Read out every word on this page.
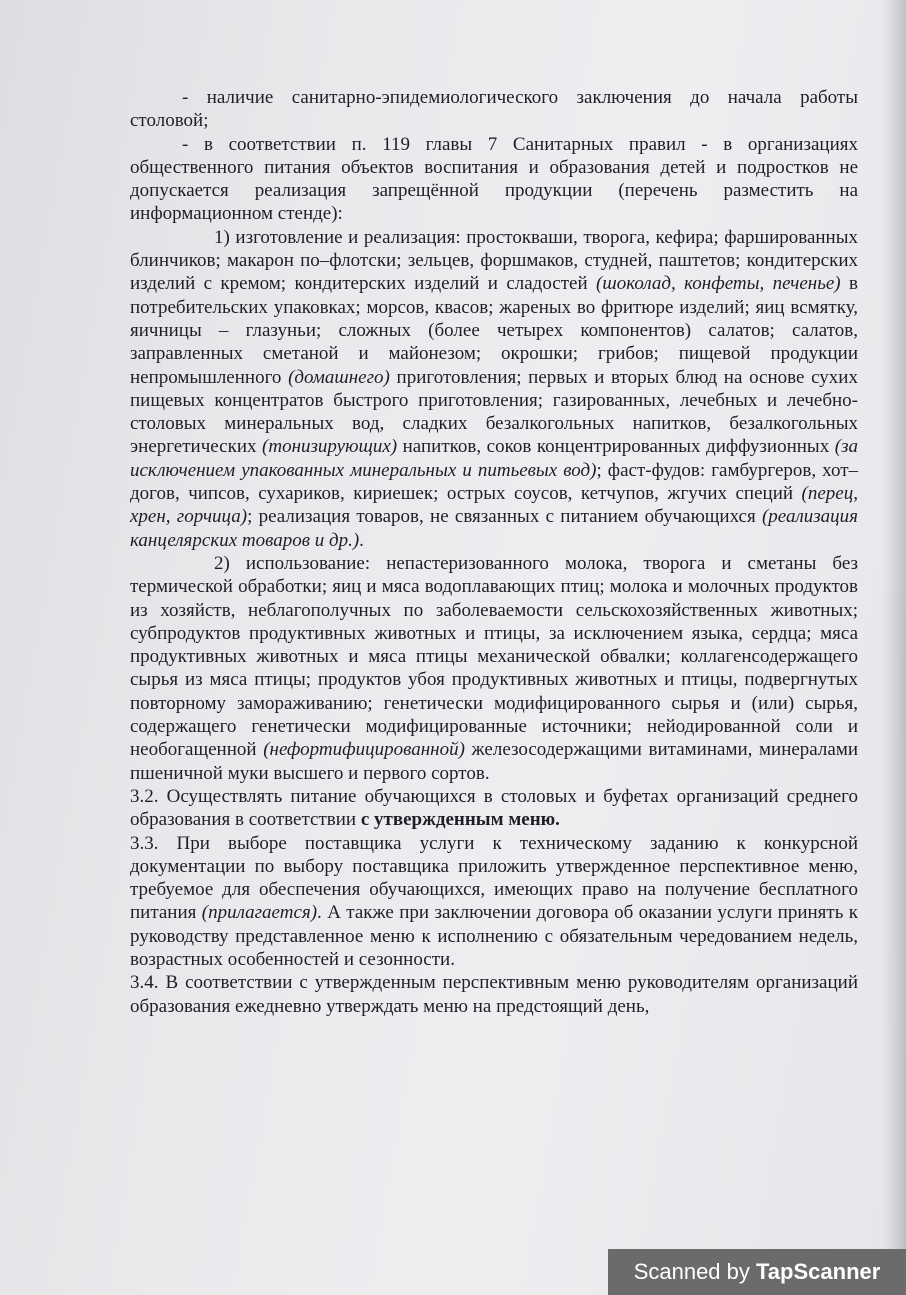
- наличие санитарно-эпидемиологического заключения до начала работы столовой;

- в соответствии п. 119 главы 7 Санитарных правил - в организациях общественного питания объектов воспитания и образования детей и подростков не допускается реализация запрещённой продукции (перечень разместить на информационном стенде):

1) изготовление и реализация: простокваши, творога, кефира; фаршированных блинчиков; макарон по–флотски; зельцев, форшмаков, студней, паштетов; кондитерских изделий с кремом; кондитерских изделий и сладостей (шоколад, конфеты, печенье) в потребительских упаковках; морсов, квасов; жареных во фритюре изделий; яиц всмятку, яичницы – глазуньи; сложных (более четырех компонентов) салатов; салатов, заправленных сметаной и майонезом; окрошки; грибов; пищевой продукции непромышленного (домашнего) приготовления; первых и вторых блюд на основе сухих пищевых концентратов быстрого приготовления; газированных, лечебных и лечебно-столовых минеральных вод, сладких безалкогольных напитков, безалкогольных энергетических (тонизирующих) напитков, соков концентрированных диффузионных (за исключением упакованных минеральных и питьевых вод); фаст-фудов: гамбургеров, хот–догов, чипсов, сухариков, кириешек; острых соусов, кетчупов, жгучих специй (перец, хрен, горчица); реализация товаров, не связанных с питанием обучающихся (реализация канцелярских товаров и др.).

2) использование: непастеризованного молока, творога и сметаны без термической обработки; яиц и мяса водоплавающих птиц; молока и молочных продуктов из хозяйств, неблагополучных по заболеваемости сельскохозяйственных животных; субпродуктов продуктивных животных и птицы, за исключением языка, сердца; мяса продуктивных животных и мяса птицы механической обвалки; коллагенсодержащего сырья из мяса птицы; продуктов убоя продуктивных животных и птицы, подвергнутых повторному замораживанию; генетически модифицированного сырья и (или) сырья, содержащего генетически модифицированные источники; нейодированной соли и необогащенной (нефортифицированной) железосодержащими витаминами, минералами пшеничной муки высшего и первого сортов.

3.2. Осуществлять питание обучающихся в столовых и буфетах организаций среднего образования в соответствии с утвержденным меню.

3.3. При выборе поставщика услуги к техническому заданию к конкурсной документации по выбору поставщика приложить утвержденное перспективное меню, требуемое для обеспечения обучающихся, имеющих право на получение бесплатного питания (прилагается). А также при заключении договора об оказании услуги принять к руководству представленное меню к исполнению с обязательным чередованием недель, возрастных особенностей и сезонности.

3.4. В соответствии с утвержденным перспективным меню руководителям организаций образования ежедневно утверждать меню на предстоящий день,

Scanned by TapScanner
